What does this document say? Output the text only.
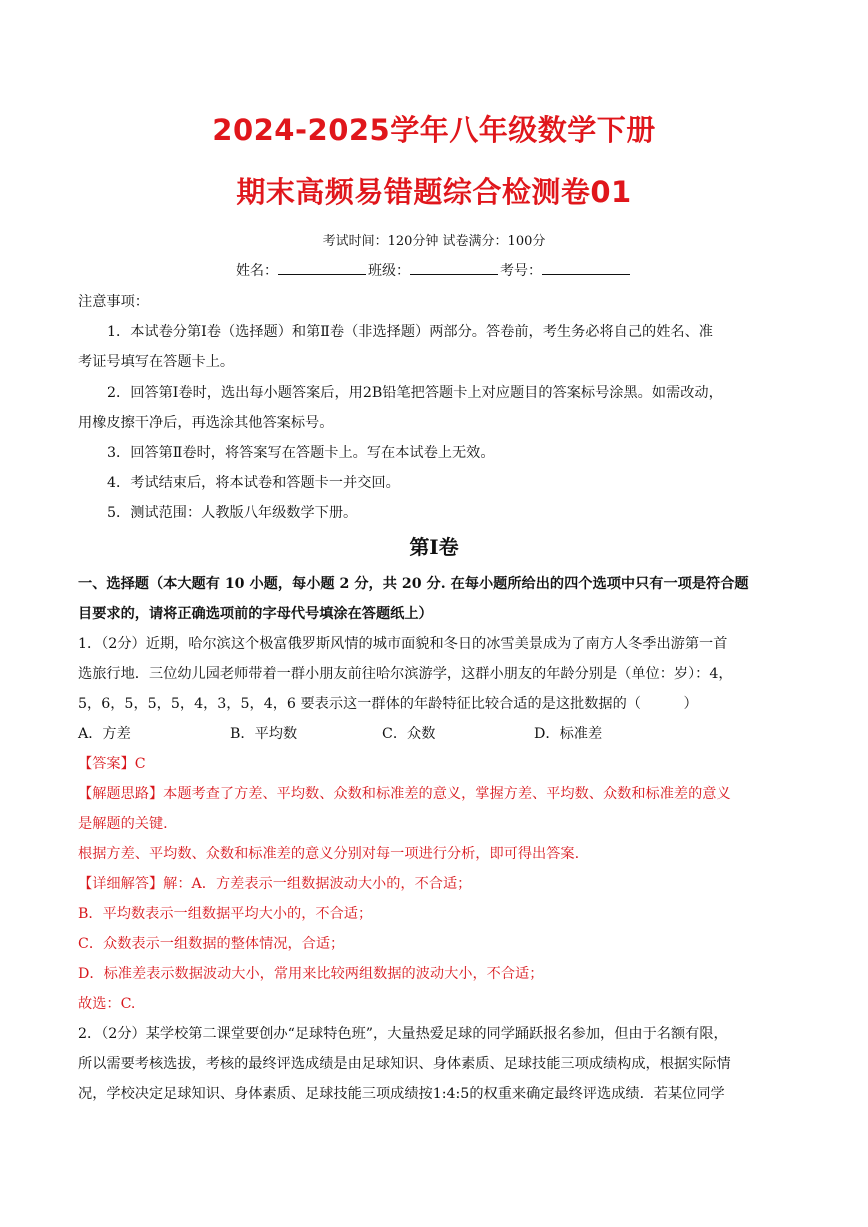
2024-2025学年八年级数学下册
期末高频易错题综合检测卷01
考试时间：120分钟 试卷满分：100分
姓名：	班级：	考号：
注意事项：
1．本试卷分第Ⅰ卷（选择题）和第Ⅱ卷（非选择题）两部分。答卷前，考生务必将自己的姓名、准
考证号填写在答题卡上。
2．回答第Ⅰ卷时，选出每小题答案后，用2B铅笔把答题卡上对应题目的答案标号涂黑。如需改动，
用橡皮擦干净后，再选涂其他答案标号。
3．回答第Ⅱ卷时，将答案写在答题卡上。写在本试卷上无效。
4．考试结束后，将本试卷和答题卡一并交回。
5．测试范围：人教版八年级数学下册。
第Ⅰ卷
一、选择题（本大题有 10 小题，每小题 2 分，共 20 分. 在每小题所给出的四个选项中只有一项是符合题
目要求的，请将正确选项前的字母代号填涂在答题纸上）
1．（2分）近期，哈尔滨这个极富俄罗斯风情的城市面貌和冬日的冰雪美景成为了南方人冬季出游第一首
选旅行地．三位幼儿园老师带着一群小朋友前往哈尔滨游学，这群小朋友的年龄分别是（单位：岁）：4，
5，6，5，5，5，4，3，5，4，6 要表示这一群体的年龄特征比较合适的是这批数据的（　　　）
A．方差	B．平均数	C．众数	D．标准差
【答案】C
【解题思路】本题考查了方差、平均数、众数和标准差的意义，掌握方差、平均数、众数和标准差的意义
是解题的关键.
根据方差、平均数、众数和标准差的意义分别对每一项进行分析，即可得出答案.
【详细解答】解：A．方差表示一组数据波动大小的，不合适；
B．平均数表示一组数据平均大小的，不合适；
C．众数表示一组数据的整体情况，合适；
D．标准差表示数据波动大小，常用来比较两组数据的波动大小，不合适；
故选：C.
2．（2分）某学校第二课堂要创办“足球特色班”，大量热爱足球的同学踊跃报名参加，但由于名额有限，
所以需要考核选拔，考核的最终评选成绩是由足球知识、身体素质、足球技能三项成绩构成，根据实际情
况，学校决定足球知识、身体素质、足球技能三项成绩按1:4:5的权重来确定最终评选成绩．若某位同学
